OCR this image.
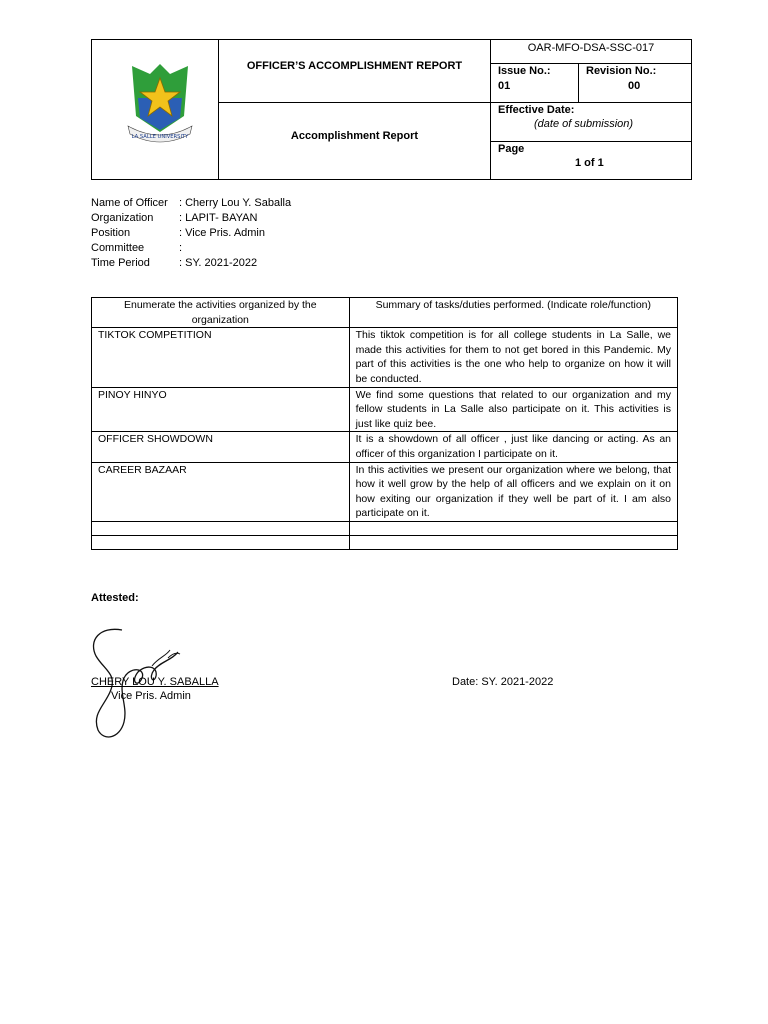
LA SALLE UNIVERSITY
OFFICER’S ACCOMPLISHMENT REPORT
Accomplishment Report
OAR-MFO-DSA-SSC-017
Issue No.:
01
Revision No.:
00
Effective Date:
(date of submission)
Page
1 of 1
Name of Officer : Cherry Lou Y. Saballa
Organization : LAPIT- BAYAN
Position	: Vice Pris. Admin
Committee	:
Time Period	: SY. 2021-2022
Enumerate the activities organized by the organization	Summary of tasks/duties performed. (Indicate role/function)
TIKTOK COMPETITION	This tiktok competition is for all college students in La Salle, we made this activities for them to not get bored in this Pandemic. My part of this activities is the one who help to organize on how it will be conducted.
PINOY HINYO	We find some questions that related to our organization and my fellow students in La Salle also participate on it. This activities is just like quiz bee.
OFFICER SHOWDOWN	It is a showdown of all officer , just like dancing or acting. As an officer of this organization I participate on it.
CAREER BAZAAR	In this activities we present our organization where we belong, that how it well grow by the help of all officers and we explain on it on how exiting our organization if they well be part of it. I am also participate on it.

Attested:
CHERY LOU Y. SABALLA
Vice Pris. Admin
Date: SY. 2021-2022
